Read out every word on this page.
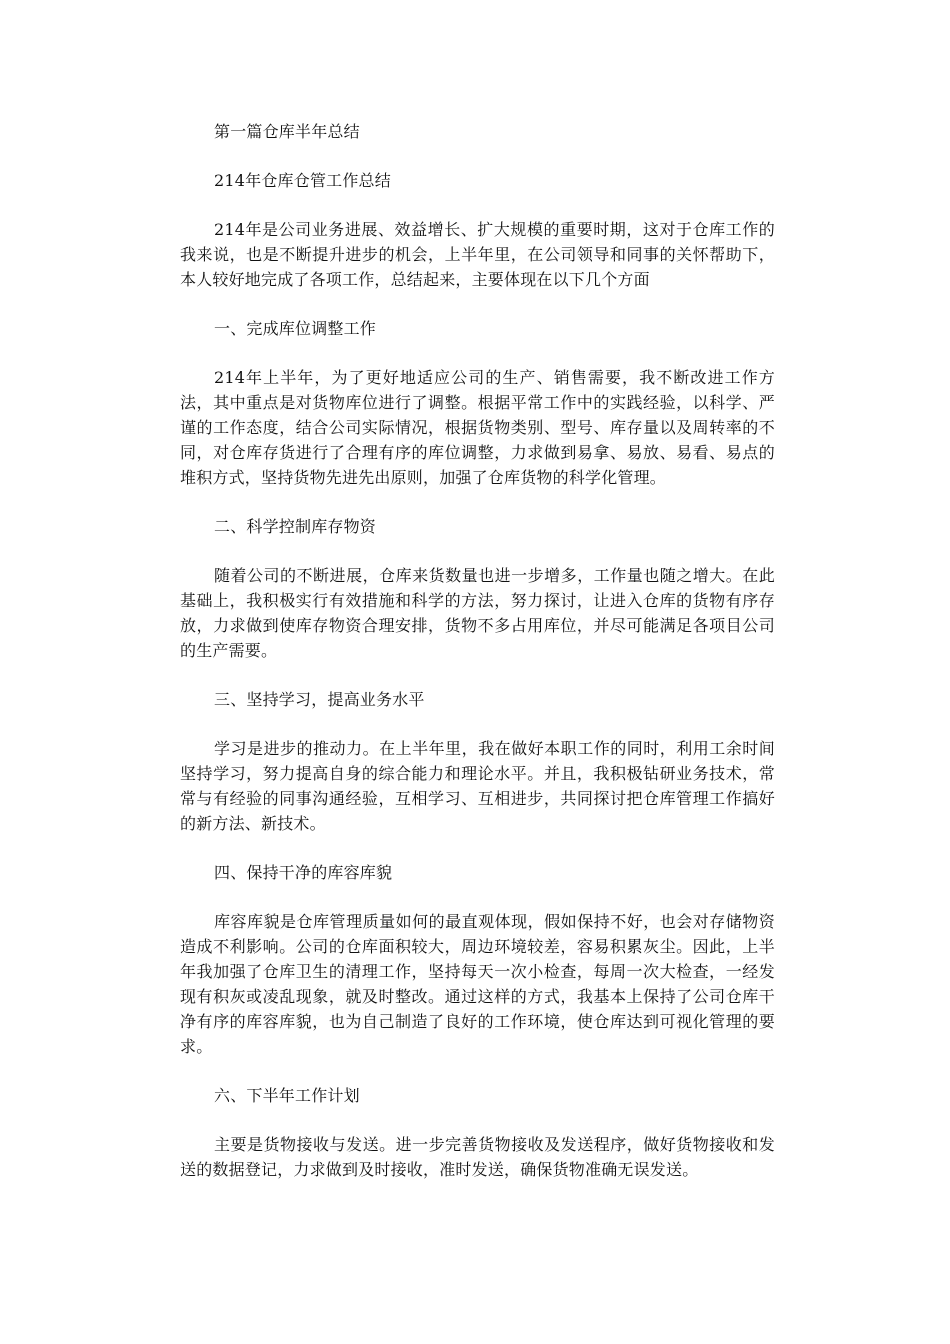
第一篇仓库半年总结

214年仓库仓管工作总结

214年是公司业务进展、效益增长、扩大规模的重要时期，这对于仓库工作的我来说，也是不断提升进步的机会，上半年里，在公司领导和同事的关怀帮助下，本人较好地完成了各项工作，总结起来，主要体现在以下几个方面

一、完成库位调整工作

214年上半年，为了更好地适应公司的生产、销售需要，我不断改进工作方法，其中重点是对货物库位进行了调整。根据平常工作中的实践经验，以科学、严谨的工作态度，结合公司实际情况，根据货物类别、型号、库存量以及周转率的不同，对仓库存货进行了合理有序的库位调整，力求做到易拿、易放、易看、易点的堆积方式，坚持货物先进先出原则，加强了仓库货物的科学化管理。

二、科学控制库存物资

随着公司的不断进展，仓库来货数量也进一步增多，工作量也随之增大。在此基础上，我积极实行有效措施和科学的方法，努力探讨，让进入仓库的货物有序存放，力求做到使库存物资合理安排，货物不多占用库位，并尽可能满足各项目公司的生产需要。

三、坚持学习，提高业务水平

学习是进步的推动力。在上半年里，我在做好本职工作的同时，利用工余时间坚持学习，努力提高自身的综合能力和理论水平。并且，我积极钻研业务技术，常常与有经验的同事沟通经验，互相学习、互相进步，共同探讨把仓库管理工作搞好的新方法、新技术。

四、保持干净的库容库貌

库容库貌是仓库管理质量如何的最直观体现，假如保持不好，也会对存储物资造成不利影响。公司的仓库面积较大，周边环境较差，容易积累灰尘。因此，上半年我加强了仓库卫生的清理工作，坚持每天一次小检查，每周一次大检查，一经发现有积灰或凌乱现象，就及时整改。通过这样的方式，我基本上保持了公司仓库干净有序的库容库貌，也为自己制造了良好的工作环境，使仓库达到可视化管理的要求。

六、下半年工作计划

主要是货物接收与发送。进一步完善货物接收及发送程序，做好货物接收和发送的数据登记，力求做到及时接收，准时发送，确保货物准确无误发送。
